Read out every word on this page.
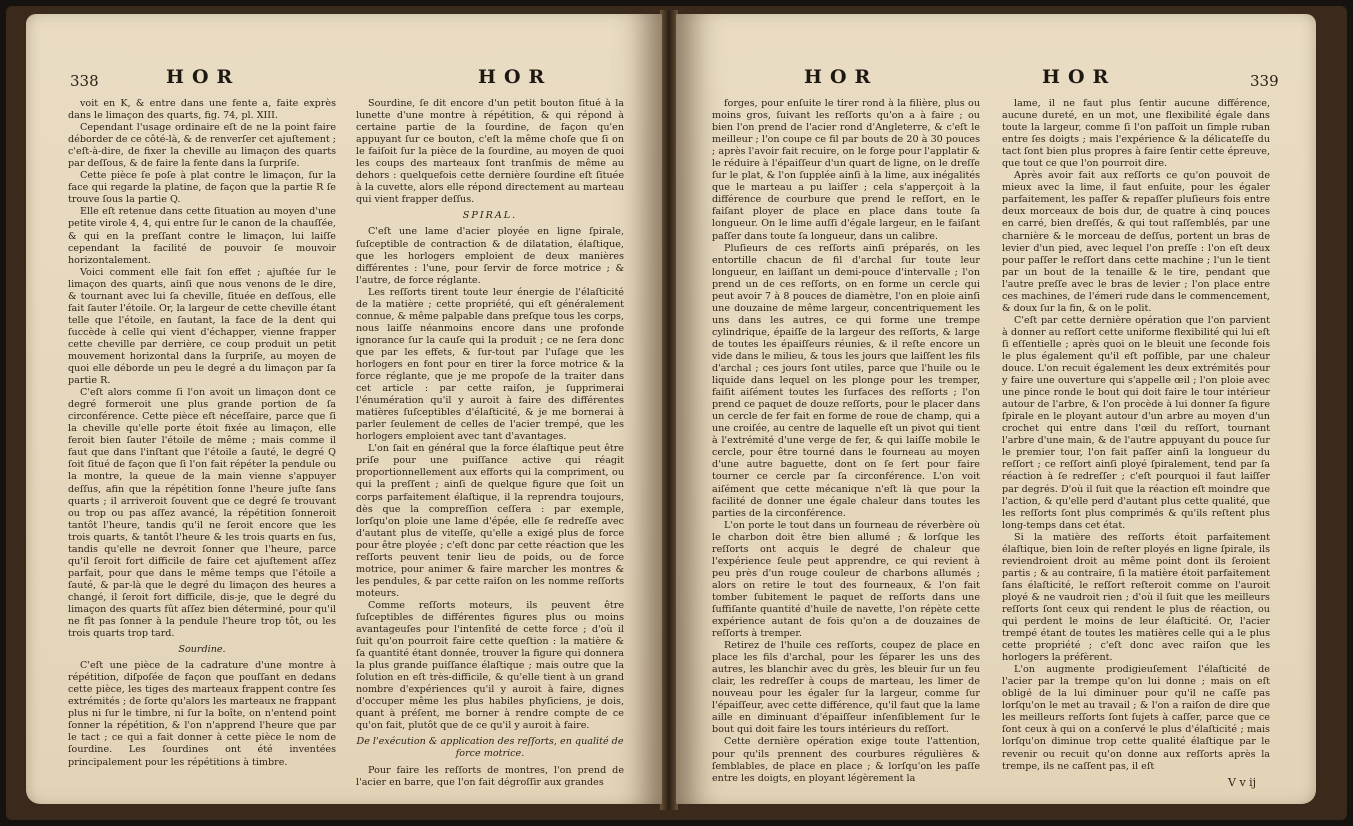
338	HOR	HOR

voit en K, & entre dans une fente a, faite exprès dans le limaçon des quarts, fig. 74, pl. XIII.

Cependant l'usage ordinaire eſt de ne la point faire déborder de ce côté-là, & de renverſer cet ajuſtement ; c'eſt-à-dire, de fixer la cheville au limaçon des quarts par deſſous, & de faire la fente dans la ſurpriſe.

Cette pièce ſe poſe à plat contre le limaçon, ſur la face qui regarde la platine, de façon que la partie R ſe trouve ſous la partie Q.

Elle eſt retenue dans cette ſituation au moyen d'une petite virole 4, 4, qui entre ſur le canon de la chauſſée, & qui en la preſſant contre le limaçon, lui laiſſe cependant la facilité de pouvoir ſe mouvoir horizontalement.

Voici comment elle fait ſon effet ; ajuſtée ſur le limaçon des quarts, ainſi que nous venons de le dire, & tournant avec lui ſa cheville, ſituée en deſſous, elle fait ſauter l'étoile. Or, la largeur de cette cheville étant telle que l'étoile, en ſautant, la face de la dent qui ſuccède à celle qui vient d'échapper, vienne frapper cette cheville par derrière, ce coup produit un petit mouvement horizontal dans la ſurpriſe, au moyen de quoi elle déborde un peu le degré a du limaçon par ſa partie R.

C'eſt alors comme ſi l'on avoit un limaçon dont ce degré formeroit une plus grande portion de ſa circonférence. Cette pièce eſt néceſſaire, parce que ſi la cheville qu'elle porte étoit fixée au limaçon, elle feroit bien ſauter l'étoile de même ; mais comme il faut que dans l'inſtant que l'étoile a ſauté, le degré Q ſoit ſitué de façon que ſi l'on fait répéter la pendule ou la montre, la queue de la main vienne s'appuyer deſſus, afin que la répétition ſonne l'heure juſte ſans quarts ; il arriveroit ſouvent que ce degré ſe trouvant ou trop ou pas aſſez avancé, la répétition ſonneroit tantôt l'heure, tandis qu'il ne ſeroit encore que les trois quarts, & tantôt l'heure & les trois quarts en ſus, tandis qu'elle ne devroit ſonner que l'heure, parce qu'il ſeroit fort difficile de faire cet ajuſtement aſſez parfait, pour que dans le même temps que l'étoile a ſauté, & par-là que le degré du limaçon des heures a changé, il ſeroit fort difficile, dis-je, que le degré du limaçon des quarts fût aſſez bien déterminé, pour qu'il ne fît pas ſonner à la pendule l'heure trop tôt, ou les trois quarts trop tard.

Sourdine.

C'eſt une pièce de la cadrature d'une montre à répétition, diſpoſée de façon que pouſſant en dedans cette pièce, les tiges des marteaux frappent contre ſes extrémités ; de ſorte qu'alors les marteaux ne frappant plus ni ſur le timbre, ni ſur la boîte, on n'entend point ſonner la répétition, & l'on n'apprend l'heure que par le tact ; ce qui a fait donner à cette pièce le nom de ſourdine. Les ſourdines ont été inventées principalement pour les répétitions à timbre.

Sourdine, ſe dit encore d'un petit bouton ſitué à la lunette d'une montre à répétition, & qui répond à certaine partie de la ſourdine, de façon qu'en appuyant ſur ce bouton, c'eſt la même choſe que ſi on le faiſoit ſur la pièce de la ſourdine, au moyen de quoi les coups des marteaux ſont tranſmis de même au dehors : quelquefois cette dernière ſourdine eſt ſituée à la cuvette, alors elle répond directement au marteau qui vient frapper deſſus.

SPIRAL.

C'eſt une lame d'acier ployée en ligne ſpirale, ſuſceptible de contraction & de dilatation, élaſtique, que les horlogers emploient de deux manières différentes : l'une, pour ſervir de force motrice ; & l'autre, de force réglante.

Les reſſorts tirent toute leur énergie de l'élaſticité de la matière ; cette propriété, qui eſt généralement connue, & même palpable dans preſque tous les corps, nous laiſſe néanmoins encore dans une profonde ignorance ſur la cauſe qui la produit ; ce ne ſera donc que par les effets, & ſur-tout par l'uſage que les horlogers en font pour en tirer la force motrice & la force réglante, que je me propoſe de la traiter dans cet article : par cette raiſon, je ſupprimerai l'énumération qu'il y auroit à faire des différentes matières ſuſceptibles d'élaſticité, & je me bornerai à parler ſeulement de celles de l'acier trempé, que les horlogers emploient avec tant d'avantages.

L'on ſait en général que la force élaſtique peut être priſe pour une puiſſance active qui réagit proportionnellement aux efforts qui la compriment, ou qui la preſſent ; ainſi de quelque figure que ſoit un corps parfaitement élaſtique, il la reprendra toujours, dès que la compreſſion ceſſera : par exemple, lorſqu'on ploie une lame d'épée, elle ſe redreſſe avec d'autant plus de viteſſe, qu'elle a exigé plus de force pour être ployée ; c'eſt donc par cette réaction que les reſſorts peuvent tenir lieu de poids, ou de force motrice, pour animer & faire marcher les montres & les pendules, & par cette raiſon on les nomme reſſorts moteurs.

Comme reſſorts moteurs, ils peuvent être ſuſceptibles de différentes figures plus ou moins avantageuſes pour l'intenſité de cette force ; d'où il ſuit qu'on pourroit faire cette queſtion : la matière & ſa quantité étant donnée, trouver la figure qui donnera la plus grande puiſſance élaſtique ; mais outre que la ſolution en eſt très-difficile, & qu'elle tient à un grand nombre d'expériences qu'il y auroit à faire, dignes d'occuper même les plus habiles phyſiciens, je dois, quant à préſent, me borner à rendre compte de ce qu'on fait, plutôt que de ce qu'il y auroit à faire.

De l'exécution & application des reſſorts, en qualité de force motrice.

Pour faire les reſſorts de montres, l'on prend de l'acier en barre, que l'on fait dégroſſir aux grandes

HOR	HOR	339

forges, pour enſuite le tirer rond à la filière, plus ou moins gros, ſuivant les reſſorts qu'on a à faire ; ou bien l'on prend de l'acier rond d'Angleterre, & c'eſt le meilleur ; l'on coupe ce fil par bouts de 20 à 30 pouces ; après l'avoir fait recuire, on le forge pour l'applatir & le réduire à l'épaiſſeur d'un quart de ligne, on le dreſſe ſur le plat, & l'on ſupplée ainſi à la lime, aux inégalités que le marteau a pu laiſſer ; cela s'apperçoit à la différence de courbure que prend le reſſort, en le faiſant ployer de place en place dans toute ſa longueur. On le lime auſſi d'égale largeur, en le faiſant paſſer dans toute ſa longueur, dans un calibre.

Pluſieurs de ces reſſorts ainſi préparés, on les entortille chacun de fil d'archal ſur toute leur longueur, en laiſſant un demi-pouce d'intervalle ; l'on prend un de ces reſſorts, on en forme un cercle qui peut avoir 7 à 8 pouces de diamètre, l'on en ploie ainſi une douzaine de même largeur, concentriquement les uns dans les autres, ce qui forme une trempe cylindrique, épaiſſe de la largeur des reſſorts, & large de toutes les épaiſſeurs réunies, & il reſte encore un vide dans le milieu, & tous les jours que laiſſent les fils d'archal ; ces jours ſont utiles, parce que l'huile ou le liquide dans lequel on les plonge pour les tremper, faiſit aiſément toutes les ſurfaces des reſſorts ; l'on prend ce paquet de douze reſſorts, pour le placer dans un cercle de fer fait en forme de roue de champ, qui a une croiſée, au centre de laquelle eſt un pivot qui tient à l'extrémité d'une verge de fer, & qui laiſſe mobile le cercle, pour être tourné dans le fourneau au moyen d'une autre baguette, dont on ſe ſert pour faire tourner ce cercle par ſa circonférence. L'on voit aiſément que cette mécanique n'eſt là que pour la facilité de donner une égale chaleur dans toutes les parties de la circonférence.

L'on porte le tout dans un fourneau de réverbère où le charbon doit être bien allumé ; & lorſque les reſſorts ont acquis le degré de chaleur que l'expérience ſeule peut apprendre, ce qui revient à peu près d'un rouge couleur de charbons allumés ; alors on retire le tout des fourneaux, & l'on fait tomber ſubitement le paquet de reſſorts dans une ſuffiſante quantité d'huile de navette, l'on répète cette expérience autant de fois qu'on a de douzaines de reſſorts à tremper.

Retirez de l'huile ces reſſorts, coupez de place en place les fils d'archal, pour les ſéparer les uns des autres, les blanchir avec du grès, les bleuir ſur un feu clair, les redreſſer à coups de marteau, les limer de nouveau pour les égaler ſur la largeur, comme ſur l'épaiſſeur, avec cette différence, qu'il faut que la lame aille en diminuant d'épaiſſeur inſenſiblement ſur le bout qui doit faire les tours intérieurs du reſſort.

Cette dernière opération exige toute l'attention, pour qu'ils prennent des courbures régulières & ſemblables, de place en place ; & lorſqu'on les paſſe entre les doigts, en ployant légèrement la

lame, il ne faut plus ſentir aucune différence, aucune dureté, en un mot, une flexibilité égale dans toute la largeur, comme ſi l'on paſſoit un ſimple ruban entre ſes doigts ; mais l'expérience & la délicateſſe du tact ſont bien plus propres à faire ſentir cette épreuve, que tout ce que l'on pourroit dire.

Après avoir fait aux reſſorts ce qu'on pouvoit de mieux avec la lime, il faut enſuite, pour les égaler parfaitement, les paſſer & repaſſer pluſieurs fois entre deux morceaux de bois dur, de quatre à cinq pouces en carré, bien dreſſés, & qui tout raſſemblés, par une charnière & le morceau de deſſus, portent un bras de levier d'un pied, avec lequel l'on preſſe : l'on eſt deux pour paſſer le reſſort dans cette machine ; l'un le tient par un bout de la tenaille & le tire, pendant que l'autre preſſe avec le bras de levier ; l'on place entre ces machines, de l'émeri rude dans le commencement, & doux ſur la fin, & on le polit.

C'eſt par cette dernière opération que l'on parvient à donner au reſſort cette uniforme flexibilité qui lui eſt ſi eſſentielle ; après quoi on le bleuit une ſeconde fois le plus également qu'il eſt poſſible, par une chaleur douce. L'on recuit également les deux extrémités pour y faire une ouverture qui s'appelle œil ; l'on ploie avec une pince ronde le bout qui doit faire le tour intérieur autour de l'arbre, & l'on procède à lui donner ſa figure ſpirale en le ployant autour d'un arbre au moyen d'un crochet qui entre dans l'œil du reſſort, tournant l'arbre d'une main, & de l'autre appuyant du pouce ſur le premier tour, l'on fait paſſer ainſi la longueur du reſſort ; ce reſſort ainſi ployé ſpiralement, tend par ſa réaction à ſe redreſſer ; c'eſt pourquoi il faut laiſſer par degrés. D'où il ſuit que la réaction eſt moindre que l'action, & qu'elle perd d'autant plus cette qualité, que les reſſorts ſont plus comprimés & qu'ils reſtent plus long-temps dans cet état.

Si la matière des reſſorts étoit parfaitement élaſtique, bien loin de reſter ployés en ligne ſpirale, ils reviendroient droit au même point dont ils ſeroient partis ; & au contraire, ſi la matière étoit parfaitement ſans élaſticité, le reſſort reſteroit comme on l'auroit ployé & ne vaudroit rien ; d'où il ſuit que les meilleurs reſſorts ſont ceux qui rendent le plus de réaction, ou qui perdent le moins de leur élaſticité. Or, l'acier trempé étant de toutes les matières celle qui a le plus cette propriété ; c'eſt donc avec raiſon que les horlogers la préfèrent.

L'on augmente prodigieuſement l'élaſticité de l'acier par la trempe qu'on lui donne ; mais on eſt obligé de la lui diminuer pour qu'il ne caſſe pas lorſqu'on le met au travail ; & l'on a raiſon de dire que les meilleurs reſſorts ſont ſujets à caſſer, parce que ce ſont ceux à qui on a conſervé le plus d'élaſticité ; mais lorſqu'on diminue trop cette qualité élaſtique par le revenir ou recuit qu'on donne aux reſſorts après la trempe, ils ne caſſent pas, il eſt

V v ij
